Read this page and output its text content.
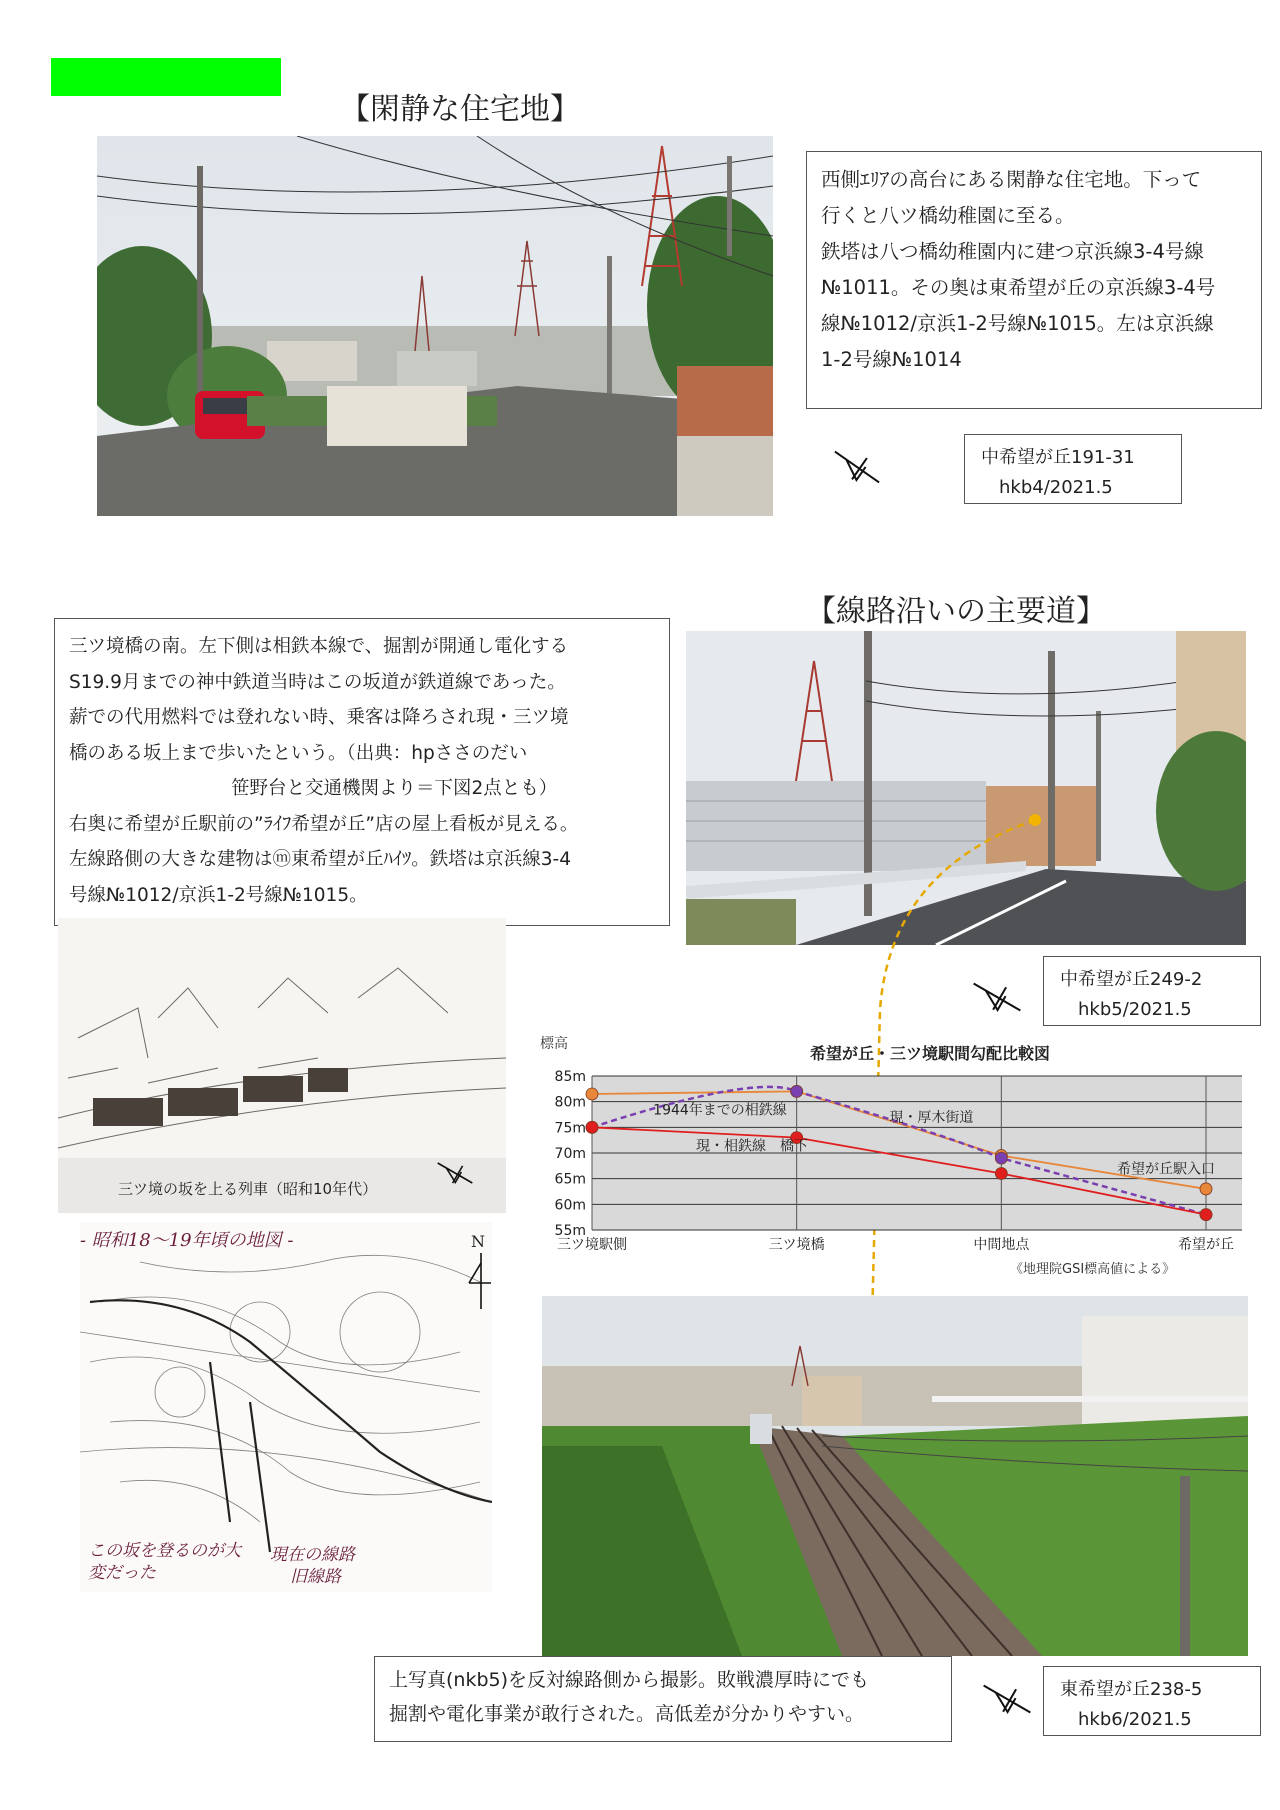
【閑静な住宅地】

西側ｴﾘｱの高台にある閑静な住宅地。下って

行くと八ツ橋幼稚園に至る。

鉄塔は八つ橋幼稚園内に建つ京浜線3-4号線

№1011。その奥は東希望が丘の京浜線3-4号

線№1012/京浜1-2号線№1015。左は京浜線

1-2号線№1014

中希望が丘191-31
hkb4/2021.5
【線路沿いの主要道】

三ツ境橋の南。左下側は相鉄本線で、掘割が開通し電化する

S19.9月までの神中鉄道当時はこの坂道が鉄道線であった。

薪での代用燃料では登れない時、乗客は降ろされ現・三ツ境

橋のある坂上まで歩いたという。（出典：hpささのだい

笹野台と交通機関より＝下図2点とも）

右奥に希望が丘駅前の”ﾗｲﾌ希望が丘”店の屋上看板が見える。

左線路側の大きな建物はⓜ東希望が丘ﾊｲﾂ。鉄塔は京浜線3-4

号線№1012/京浜1-2号線№1015。

中希望が丘249-2
hkb5/2021.5
三ツ境の坂を上る列車（昭和10年代）
- 昭和18～19年頃の地図 -
この坂を登るのが大変だった
現在の線路
旧線路
N
標高	希望が丘・三ツ境駅間勾配比較図
85m
80m
75m
70m
65m
60m
55m
三ツ境駅側	三ツ境橋	中間地点	希望が丘
1944年までの相鉄線	現・厚木街道
現・相鉄線　橋下
希望が丘駅入口
《地理院GSI標高値による》

上写真(nkb5)を反対線路側から撮影。敗戦濃厚時にでも

掘割や電化事業が敢行された。高低差が分かりやすい。

東希望が丘238-5
hkb6/2021.5
